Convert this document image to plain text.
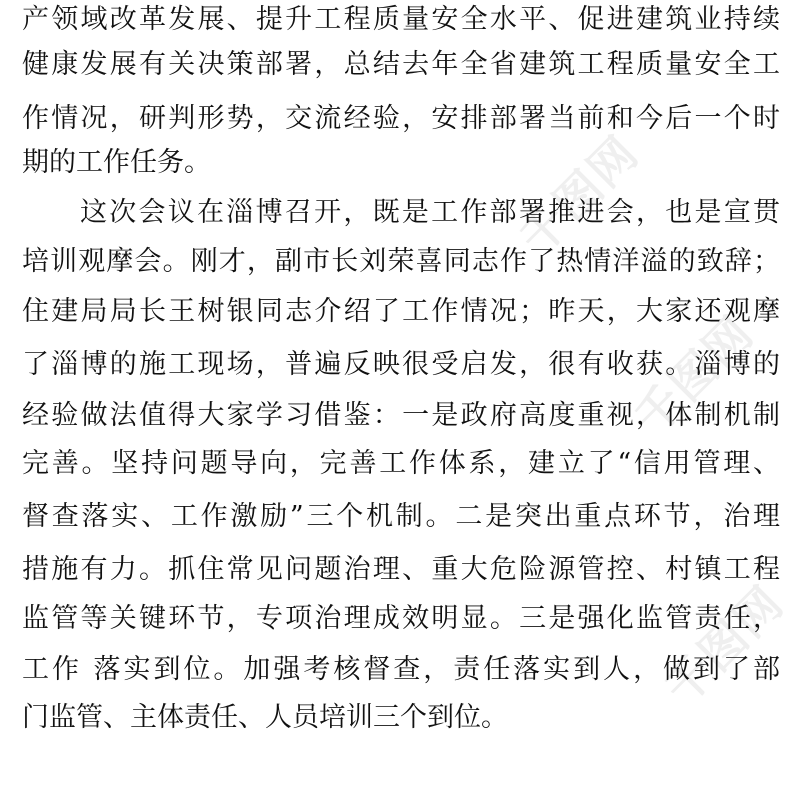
千图网
千图网
千图网
产领域改革发展、提升工程质量安全水平、促进建筑业持续
健康发展有关决策部署，总结去年全省建筑工程质量安全工
作情况，研判形势，交流经验，安排部署当前和今后一个时
期的工作任务。
这次会议在淄博召开，既是工作部署推进会，也是宣贯
培训观摩会。刚才，副市长刘荣喜同志作了热情洋溢的致辞；
住建局局长王树银同志介绍了工作情况；昨天，大家还观摩
了淄博的施工现场，普遍反映很受启发，很有收获。淄博的
经验做法值得大家学习借鉴：一是政府高度重视，体制机制
完善。坚持问题导向，完善工作体系，建立了“信用管理、
督查落实、工作激励”三个机制。二是突出重点环节，治理
措施有力。抓住常见问题治理、重大危险源管控、村镇工程
监管等关键环节，专项治理成效明显。三是强化监管责任，
工作 落实到位。加强考核督查，责任落实到人，做到了部
门监管、主体责任、人员培训三个到位。
